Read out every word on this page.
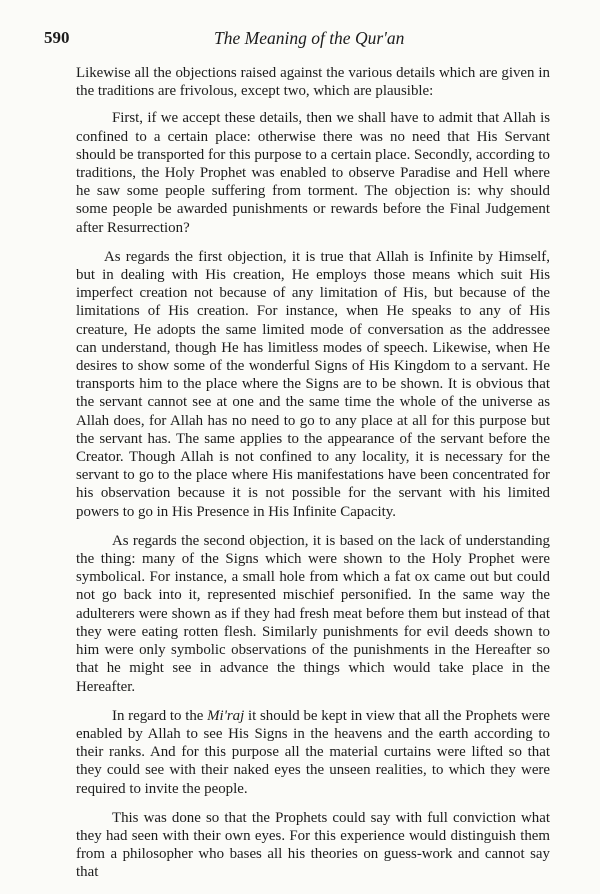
590	The Meaning of the Qur'an

Likewise all the objections raised against the various details which are given in the traditions are frivolous, except two, which are plausible:

First, if we accept these details, then we shall have to admit that Allah is confined to a certain place: otherwise there was no need that His Servant should be transported for this purpose to a certain place. Secondly, according to traditions, the Holy Prophet was enabled to observe Paradise and Hell where he saw some people suffering from torment. The objection is: why should some people be awarded punishments or rewards before the Final Judgement after Resurrection?

As regards the first objection, it is true that Allah is Infinite by Himself, but in dealing with His creation, He employs those means which suit His imperfect creation not because of any limitation of His, but because of the limitations of His creation. For instance, when He speaks to any of His creature, He adopts the same limited mode of conversation as the addressee can understand, though He has limitless modes of speech. Likewise, when He desires to show some of the wonderful Signs of His Kingdom to a servant. He transports him to the place where the Signs are to be shown. It is obvious that the servant cannot see at one and the same time the whole of the universe as Allah does, for Allah has no need to go to any place at all for this purpose but the servant has. The same applies to the appearance of the servant before the Creator. Though Allah is not confined to any locality, it is necessary for the servant to go to the place where His manifestations have been concentrated for his observation because it is not possible for the servant with his limited powers to go in His Presence in His Infinite Capacity.

As regards the second objection, it is based on the lack of understanding the thing: many of the Signs which were shown to the Holy Prophet were symbolical. For instance, a small hole from which a fat ox came out but could not go back into it, represented mischief personified. In the same way the adulterers were shown as if they had fresh meat before them but instead of that they were eating rotten flesh. Similarly punishments for evil deeds shown to him were only symbolic observations of the punishments in the Hereafter so that he might see in advance the things which would take place in the Hereafter.

In regard to the Mi'raj it should be kept in view that all the Prophets were enabled by Allah to see His Signs in the heavens and the earth according to their ranks. And for this purpose all the material curtains were lifted so that they could see with their naked eyes the unseen realities, to which they were required to invite the people.

This was done so that the Prophets could say with full conviction what they had seen with their own eyes. For this experience would distinguish them from a philosopher who bases all his theories on guess-work and cannot say that
